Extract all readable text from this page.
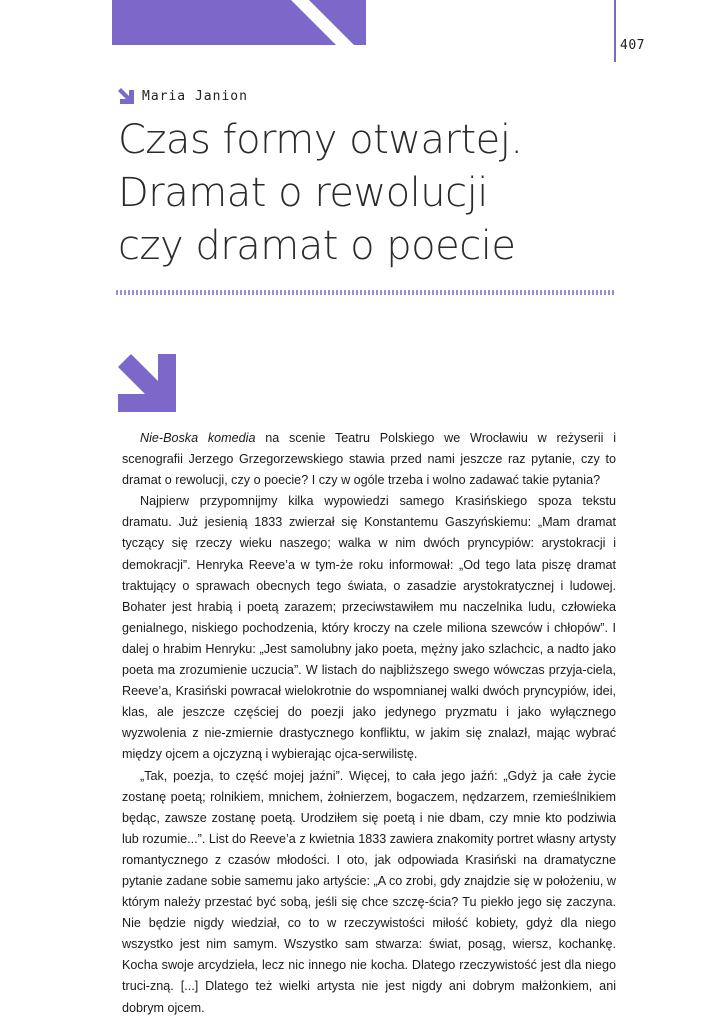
407
Maria Janion
Czas formy otwartej.
Dramat o rewolucji
czy dramat o poecie

Nie-Boska komedia na scenie Teatru Polskiego we Wrocławiu w reżyserii i scenografii Jerzego Grzegorzewskiego stawia przed nami jeszcze raz pytanie, czy to dramat o rewolucji, czy o poecie? I czy w ogóle trzeba i wolno zadawać takie pytania?

Najpierw przypomnijmy kilka wypowiedzi samego Krasińskiego spoza tekstu dramatu. Już jesienią 1833 zwierzał się Konstantemu Gaszyńskiemu: „Mam dramat tyczący się rzeczy wieku naszego; walka w nim dwóch pryncypiów: arystokracji i demokracji”. Henryka Reeve’a w tym-że roku informował: „Od tego lata piszę dramat traktujący o sprawach obecnych tego świata, o zasadzie arystokratycznej i ludowej. Bohater jest hrabią i poetą zarazem; przeciwstawiłem mu naczelnika ludu, człowieka genialnego, niskiego pochodzenia, który kroczy na czele miliona szewców i chłopów”. I dalej o hrabim Henryku: „Jest samolubny jako poeta, mężny jako szlachcic, a nadto jako poeta ma zrozumienie uczucia”. W listach do najbliższego swego wówczas przyja-ciela, Reeve’a, Krasiński powracał wielokrotnie do wspomnianej walki dwóch pryncypiów, idei, klas, ale jeszcze częściej do poezji jako jedynego pryzmatu i jako wyłącznego wyzwolenia z nie-zmiernie drastycznego konfliktu, w jakim się znalazł, mając wybrać między ojcem a ojczyzną i wybierając ojca-serwilistę.

„Tak, poezja, to część mojej jaźni”. Więcej, to cała jego jaźń: „Gdyż ja całe życie zostanę poetą; rolnikiem, mnichem, żołnierzem, bogaczem, nędzarzem, rzemieślnikiem będąc, zawsze zostanę poetą. Urodziłem się poetą i nie dbam, czy mnie kto podziwia lub rozumie...”. List do Reeve’a z kwietnia 1833 zawiera znakomity portret własny artysty romantycznego z czasów młodości. I oto, jak odpowiada Krasiński na dramatyczne pytanie zadane sobie samemu jako artyście: „A co zrobi, gdy znajdzie się w położeniu, w którym należy przestać być sobą, jeśli się chce szczę-ścia? Tu piekło jego się zaczyna. Nie będzie nigdy wiedział, co to w rzeczywistości miłość kobiety, gdyż dla niego wszystko jest nim samym. Wszystko sam stwarza: świat, posąg, wiersz, kochankę. Kocha swoje arcydzieła, lecz nic innego nie kocha. Dlatego rzeczywistość jest dla niego truci-zną. [...] Dlatego też wielki artysta nie jest nigdy ani dobrym małżonkiem, ani dobrym ojcem.
